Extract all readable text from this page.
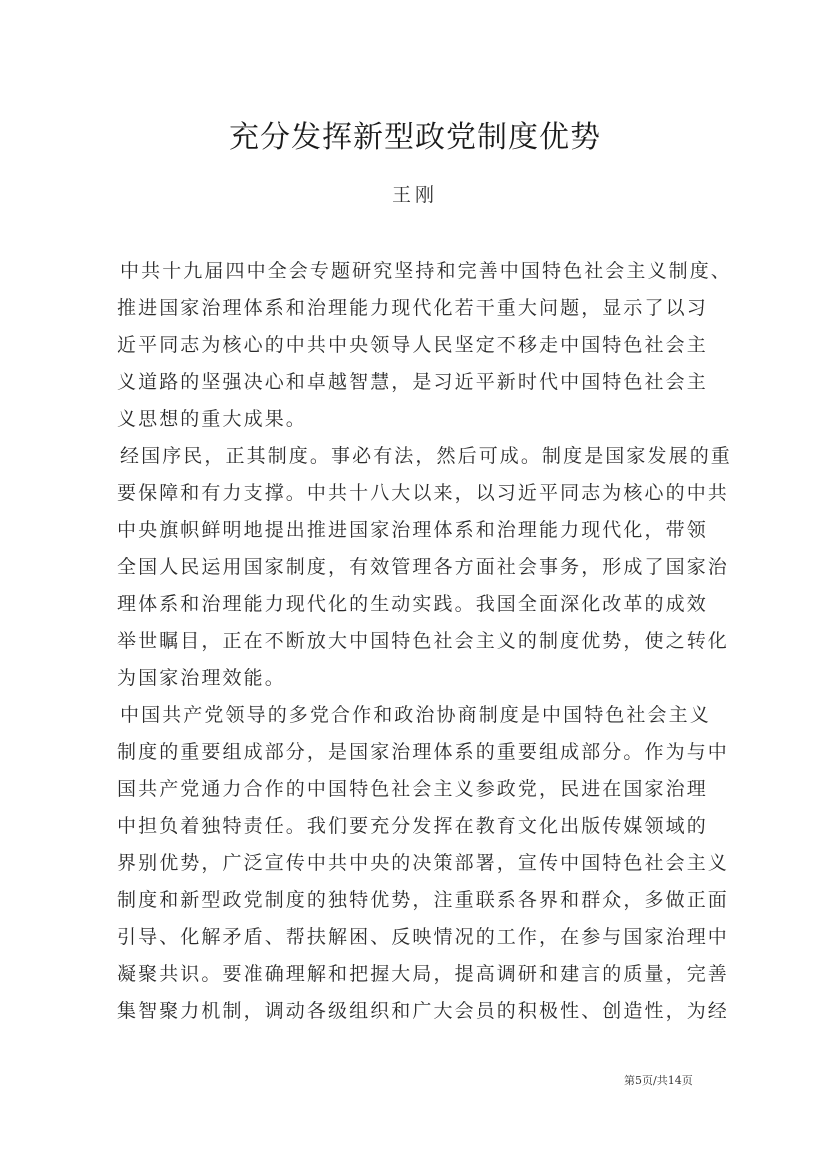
充分发挥新型政党制度优势
王刚
中共十九届四中全会专题研究坚持和完善中国特色社会主义制度、
推进国家治理体系和治理能力现代化若干重大问题，显示了以习
近平同志为核心的中共中央领导人民坚定不移走中国特色社会主
义道路的坚强决心和卓越智慧，是习近平新时代中国特色社会主
义思想的重大成果。
经国序民，正其制度。事必有法，然后可成。制度是国家发展的重
要保障和有力支撑。中共十八大以来，以习近平同志为核心的中共
中央旗帜鲜明地提出推进国家治理体系和治理能力现代化，带领
全国人民运用国家制度，有效管理各方面社会事务，形成了国家治
理体系和治理能力现代化的生动实践。我国全面深化改革的成效
举世瞩目，正在不断放大中国特色社会主义的制度优势，使之转化
为国家治理效能。
中国共产党领导的多党合作和政治协商制度是中国特色社会主义
制度的重要组成部分，是国家治理体系的重要组成部分。作为与中
国共产党通力合作的中国特色社会主义参政党，民进在国家治理
中担负着独特责任。我们要充分发挥在教育文化出版传媒领域的
界别优势，广泛宣传中共中央的决策部署，宣传中国特色社会主义
制度和新型政党制度的独特优势，注重联系各界和群众，多做正面
引导、化解矛盾、帮扶解困、反映情况的工作，在参与国家治理中
凝聚共识。要准确理解和把握大局，提高调研和建言的质量，完善
集智聚力机制，调动各级组织和广大会员的积极性、创造性，为经
第5页/共14页
